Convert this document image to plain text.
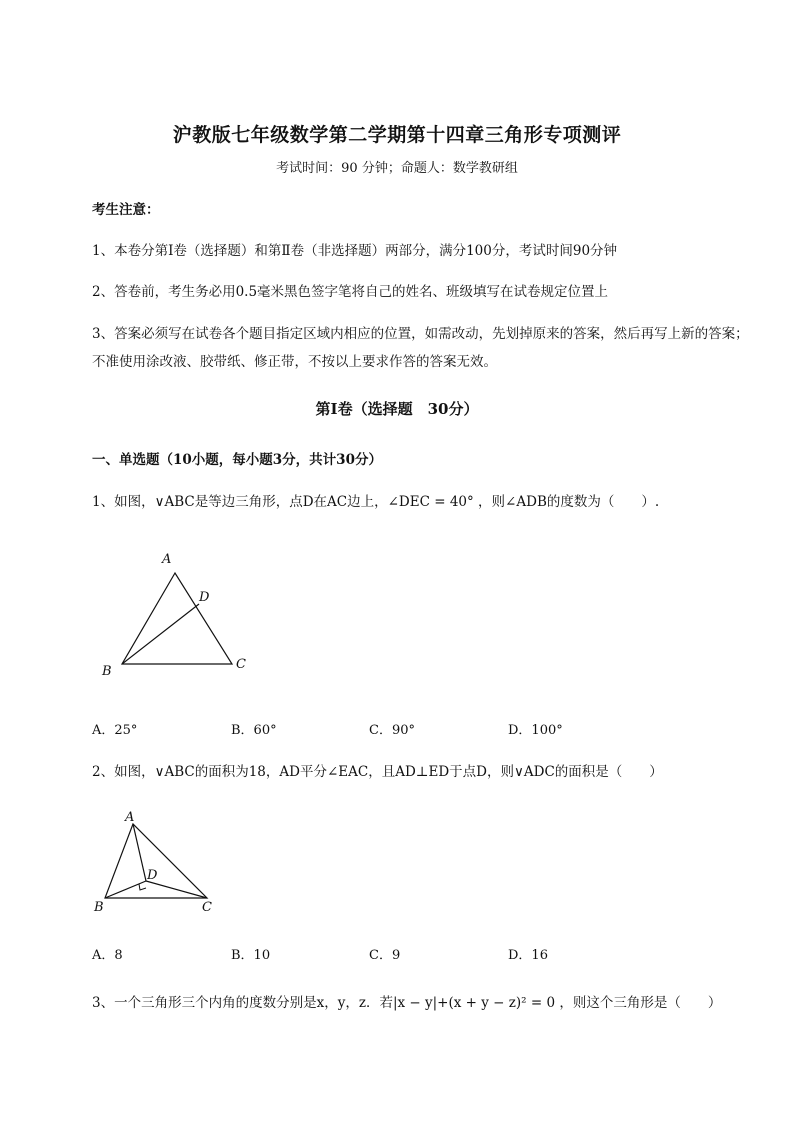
沪教版七年级数学第二学期第十四章三角形专项测评
考试时间：90 分钟；命题人：数学教研组
考生注意：
1、本卷分第Ⅰ卷（选择题）和第Ⅱ卷（非选择题）两部分，满分100分，考试时间90分钟
2、答卷前，考生务必用0.5毫米黑色签字笔将自己的姓名、班级填写在试卷规定位置上
3、答案必须写在试卷各个题目指定区域内相应的位置，如需改动，先划掉原来的答案，然后再写上新的答案；不准使用涂改液、胶带纸、修正带，不按以上要求作答的答案无效。
第Ⅰ卷（选择题　30分）
一、单选题（10小题，每小题3分，共计30分）
1、如图，∨ABC是等边三角形，点D在AC边上，∠DEC = 40° ，则∠ADB的度数为（　　）.
A
D
B	C
A．25°	B．60°	C．90°	D．100°
2、如图，∨ABC的面积为18，AD平分∠EAC，且AD⊥ED于点D，则∨ADC的面积是（　　）
A
D
B	C
A．8	B．10	C．9	D．16
3、一个三角形三个内角的度数分别是x，y，z．若|x − y|+(x + y − z)² = 0 ，则这个三角形是（　　）
